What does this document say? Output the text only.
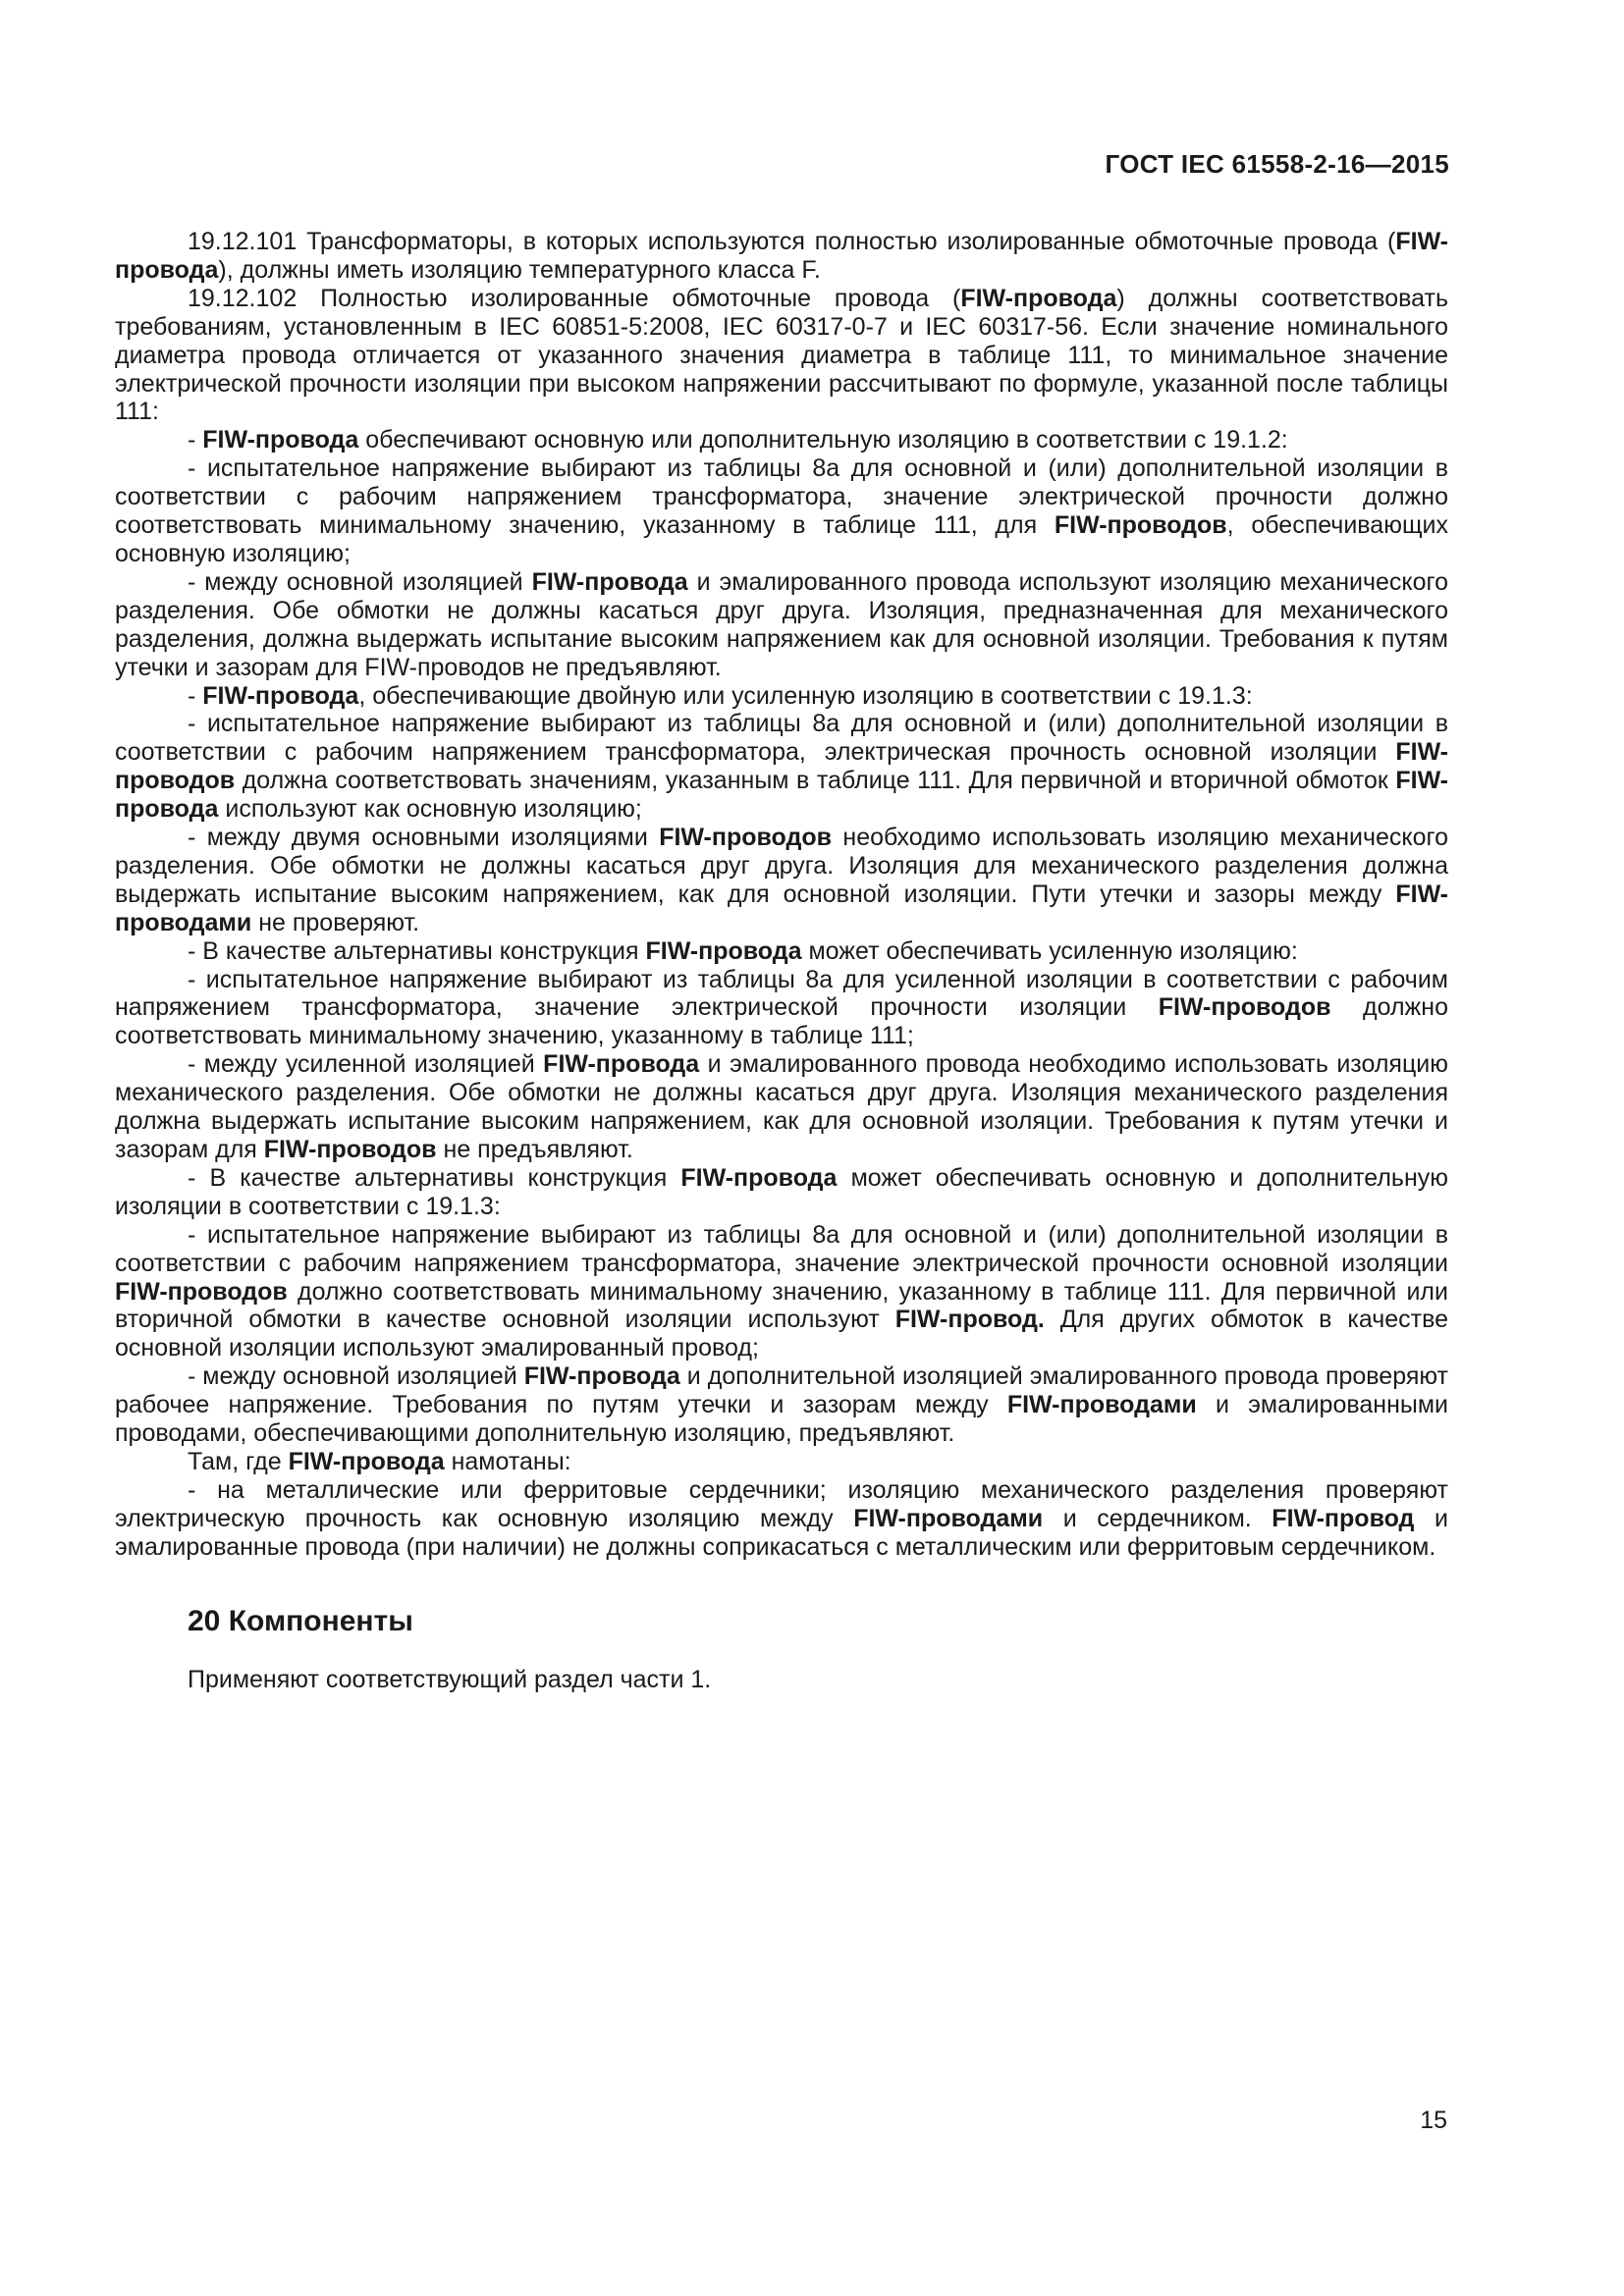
ГОСТ IEC 61558-2-16—2015

19.12.101 Трансформаторы, в которых используются полностью изолированные обмоточные провода (FIW-провода), должны иметь изоляцию температурного класса F.

19.12.102 Полностью изолированные обмоточные провода (FIW-провода) должны соответствовать требованиям, установленным в IEC 60851-5:2008, IEC 60317-0-7 и IEC 60317-56. Если значение номинального диаметра провода отличается от указанного значения диаметра в таблице 111, то минимальное значение электрической прочности изоляции при высоком напряжении рассчитывают по формуле, указанной после таблицы 111:

- FIW-провода обеспечивают основную или дополнительную изоляцию в соответствии с 19.1.2:

- испытательное напряжение выбирают из таблицы 8а для основной и (или) дополнительной изоляции в соответствии с рабочим напряжением трансформатора, значение электрической прочности должно соответствовать минимальному значению, указанному в таблице 111, для FIW-проводов, обеспечивающих основную изоляцию;

- между основной изоляцией FIW-провода и эмалированного провода используют изоляцию механического разделения. Обе обмотки не должны касаться друг друга. Изоляция, предназначенная для механического разделения, должна выдержать испытание высоким напряжением как для основной изоляции. Требования к путям утечки и зазорам для FIW-проводов не предъявляют.

- FIW-провода, обеспечивающие двойную или усиленную изоляцию в соответствии с 19.1.3:

- испытательное напряжение выбирают из таблицы 8а для основной и (или) дополнительной изоляции в соответствии с рабочим напряжением трансформатора, электрическая прочность основной изоляции FIW-проводов должна соответствовать значениям, указанным в таблице 111. Для первичной и вторичной обмоток FIW-провода используют как основную изоляцию;

- между двумя основными изоляциями FIW-проводов необходимо использовать изоляцию механического разделения. Обе обмотки не должны касаться друг друга. Изоляция для механического разделения должна выдержать испытание высоким напряжением, как для основной изоляции. Пути утечки и зазоры между FIW-проводами не проверяют.

- В качестве альтернативы конструкция FIW-провода может обеспечивать усиленную изоляцию:

- испытательное напряжение выбирают из таблицы 8а для усиленной изоляции в соответствии с рабочим напряжением трансформатора, значение электрической прочности изоляции FIW-проводов должно соответствовать минимальному значению, указанному в таблице 111;

- между усиленной изоляцией FIW-провода и эмалированного провода необходимо использовать изоляцию механического разделения. Обе обмотки не должны касаться друг друга. Изоляция механического разделения должна выдержать испытание высоким напряжением, как для основной изоляции. Требования к путям утечки и зазорам для FIW-проводов не предъявляют.

- В качестве альтернативы конструкция FIW-провода может обеспечивать основную и дополнительную изоляции в соответствии с 19.1.3:

- испытательное напряжение выбирают из таблицы 8а для основной и (или) дополнительной изоляции в соответствии с рабочим напряжением трансформатора, значение электрической прочности основной изоляции FIW-проводов должно соответствовать минимальному значению, указанному в таблице 111. Для первичной или вторичной обмотки в качестве основной изоляции используют FIW-провод. Для других обмоток в качестве основной изоляции используют эмалированный провод;

- между основной изоляцией FIW-провода и дополнительной изоляцией эмалированного провода проверяют рабочее напряжение. Требования по путям утечки и зазорам между FIW-проводами и эмалированными проводами, обеспечивающими дополнительную изоляцию, предъявляют.

Там, где FIW-провода намотаны:

- на металлические или ферритовые сердечники; изоляцию механического разделения проверяют электрическую прочность как основную изоляцию между FIW-проводами и сердечником. FIW-провод и эмалированные провода (при наличии) не должны соприкасаться с металлическим или ферритовым сердечником.

20 Компоненты

Применяют соответствующий раздел части 1.

15
